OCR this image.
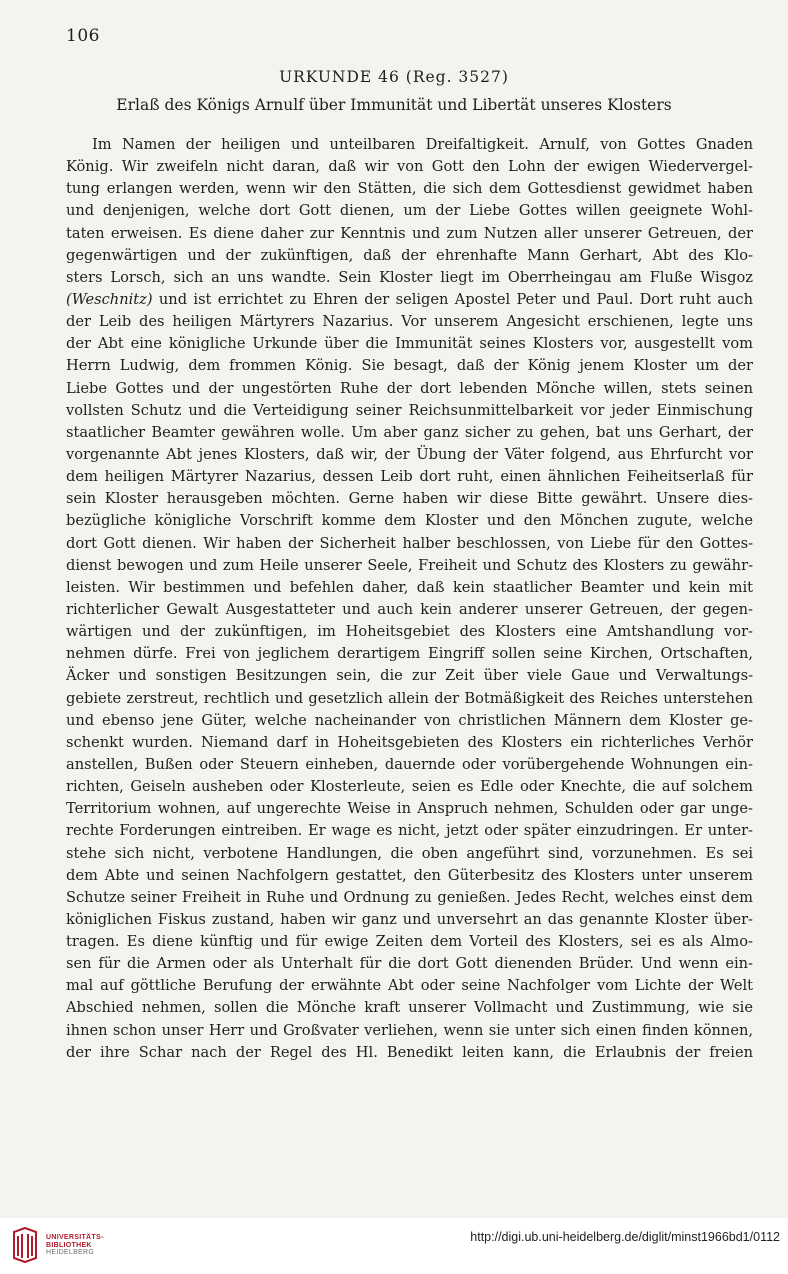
106
URKUNDE 46 (Reg. 3527)
Erlaß des Königs Arnulf über Immunität und Libertät unseres Klosters
Im Namen der heiligen und unteilbaren Dreifaltigkeit. Arnulf, von Gottes Gnaden
König. Wir zweifeln nicht daran, daß wir von Gott den Lohn der ewigen Wiedervergel-
tung erlangen werden, wenn wir den Stätten, die sich dem Gottesdienst gewidmet haben
und denjenigen, welche dort Gott dienen, um der Liebe Gottes willen geeignete Wohl-
taten erweisen. Es diene daher zur Kenntnis und zum Nutzen aller unserer Getreuen, der
gegenwärtigen und der zukünftigen, daß der ehrenhafte Mann Gerhart, Abt des Klo-
sters Lorsch, sich an uns wandte. Sein Kloster liegt im Oberrheingau am Fluße Wisgoz
(Weschnitz) und ist errichtet zu Ehren der seligen Apostel Peter und Paul. Dort ruht auch
der Leib des heiligen Märtyrers Nazarius. Vor unserem Angesicht erschienen, legte uns
der Abt eine königliche Urkunde über die Immunität seines Klosters vor, ausgestellt vom
Herrn Ludwig, dem frommen König. Sie besagt, daß der König jenem Kloster um der
Liebe Gottes und der ungestörten Ruhe der dort lebenden Mönche willen, stets seinen
vollsten Schutz und die Verteidigung seiner Reichsunmittelbarkeit vor jeder Einmischung
staatlicher Beamter gewähren wolle. Um aber ganz sicher zu gehen, bat uns Gerhart, der
vorgenannte Abt jenes Klosters, daß wir, der Übung der Väter folgend, aus Ehrfurcht vor
dem heiligen Märtyrer Nazarius, dessen Leib dort ruht, einen ähnlichen Feiheitserlaß für
sein Kloster herausgeben möchten. Gerne haben wir diese Bitte gewährt. Unsere dies-
bezügliche königliche Vorschrift komme dem Kloster und den Mönchen zugute, welche
dort Gott dienen. Wir haben der Sicherheit halber beschlossen, von Liebe für den Gottes-
dienst bewogen und zum Heile unserer Seele, Freiheit und Schutz des Klosters zu gewähr-
leisten. Wir bestimmen und befehlen daher, daß kein staatlicher Beamter und kein mit
richterlicher Gewalt Ausgestatteter und auch kein anderer unserer Getreuen, der gegen-
wärtigen und der zukünftigen, im Hoheitsgebiet des Klosters eine Amtshandlung vor-
nehmen dürfe. Frei von jeglichem derartigem Eingriff sollen seine Kirchen, Ortschaften,
Äcker und sonstigen Besitzungen sein, die zur Zeit über viele Gaue und Verwaltungs-
gebiete zerstreut, rechtlich und gesetzlich allein der Botmäßigkeit des Reiches unterstehen
und ebenso jene Güter, welche nacheinander von christlichen Männern dem Kloster ge-
schenkt wurden. Niemand darf in Hoheitsgebieten des Klosters ein richterliches Verhör
anstellen, Bußen oder Steuern einheben, dauernde oder vorübergehende Wohnungen ein-
richten, Geiseln ausheben oder Klosterleute, seien es Edle oder Knechte, die auf solchem
Territorium wohnen, auf ungerechte Weise in Anspruch nehmen, Schulden oder gar unge-
rechte Forderungen eintreiben. Er wage es nicht, jetzt oder später einzudringen. Er unter-
stehe sich nicht, verbotene Handlungen, die oben angeführt sind, vorzunehmen. Es sei
dem Abte und seinen Nachfolgern gestattet, den Güterbesitz des Klosters unter unserem
Schutze seiner Freiheit in Ruhe und Ordnung zu genießen. Jedes Recht, welches einst dem
königlichen Fiskus zustand, haben wir ganz und unversehrt an das genannte Kloster über-
tragen. Es diene künftig und für ewige Zeiten dem Vorteil des Klosters, sei es als Almo-
sen für die Armen oder als Unterhalt für die dort Gott dienenden Brüder. Und wenn ein-
mal auf göttliche Berufung der erwähnte Abt oder seine Nachfolger vom Lichte der Welt
Abschied nehmen, sollen die Mönche kraft unserer Vollmacht und Zustimmung, wie sie
ihnen schon unser Herr und Großvater verliehen, wenn sie unter sich einen finden können,
der ihre Schar nach der Regel des Hl. Benedikt leiten kann, die Erlaubnis der freien
UNIVERSITÄTS-
BIBLIOTHEK
HEIDELBERG
http://digi.ub.uni-heidelberg.de/diglit/minst1966bd1/0112
